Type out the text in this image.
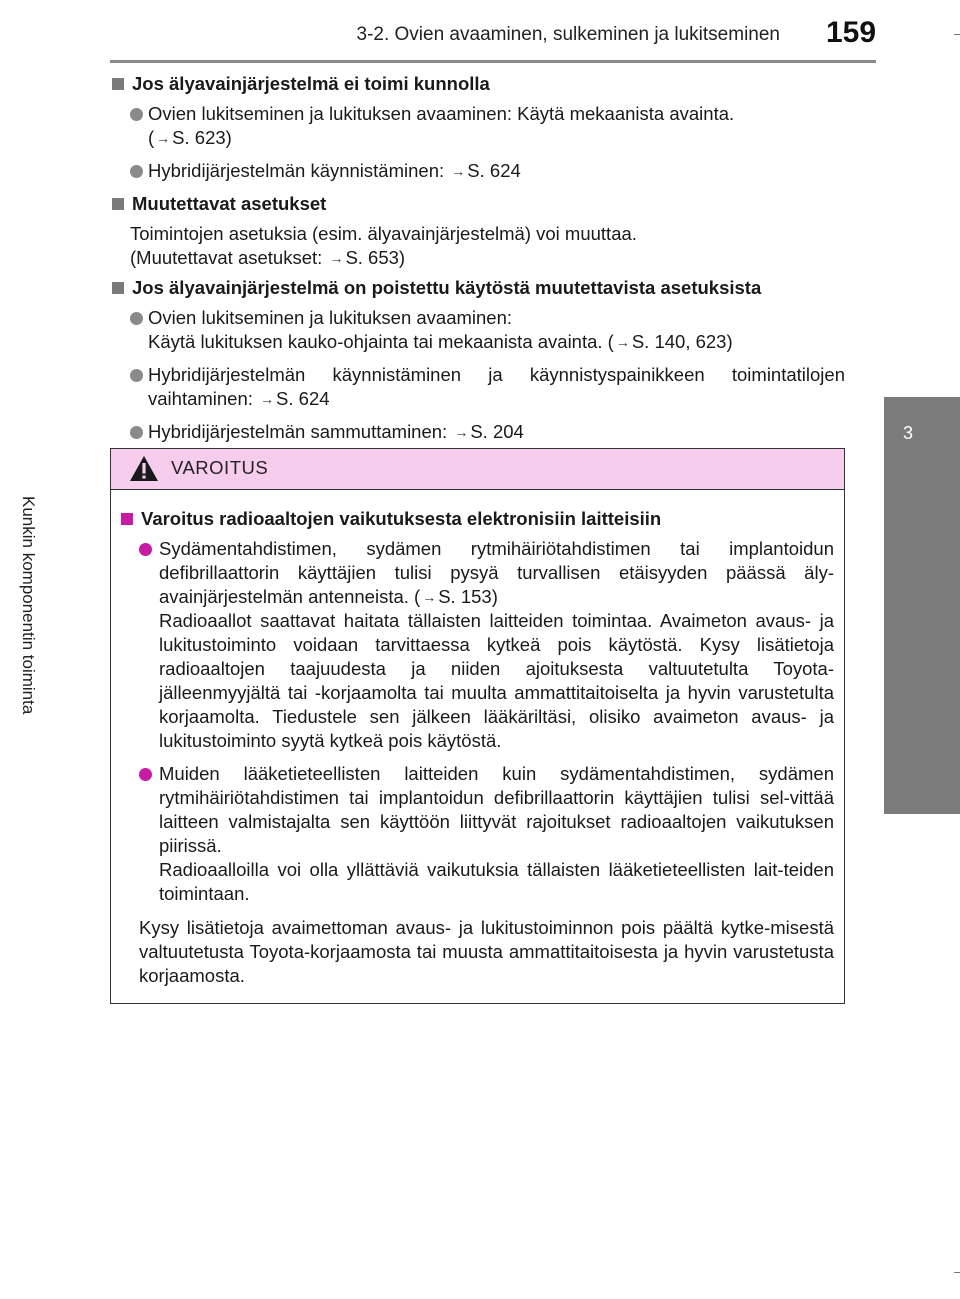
3-2. Ovien avaaminen, sulkeminen ja lukitseminen 159
3
Kunkin komponentin toiminta
Jos älyavainjärjestelmä ei toimi kunnolla
Ovien lukitseminen ja lukituksen avaaminen: Käytä mekaanista avainta.
( → S. 623)
Hybridijärjestelmän käynnistäminen: → S. 624
Muutettavat asetukset
Toimintojen asetuksia (esim. älyavainjärjestelmä) voi muuttaa.
(Muutettavat asetukset: → S. 653)
Jos älyavainjärjestelmä on poistettu käytöstä muutettavista asetuksista
Ovien lukitseminen ja lukituksen avaaminen:
Käytä lukituksen kauko-ohjainta tai mekaanista avainta. ( → S. 140, 623)
Hybridijärjestelmän käynnistäminen ja käynnistyspainikkeen toimintatilojen vaihtaminen: → S. 624
Hybridijärjestelmän sammuttaminen: → S. 204
VAROITUS
Varoitus radioaaltojen vaikutuksesta elektronisiin laitteisiin
Sydämentahdistimen, sydämen rytmihäiriötahdistimen tai implantoidun defibrillaattorin käyttäjien tulisi pysyä turvallisen etäisyyden päässä äly-avainjärjestelmän antenneista. ( → S. 153)
Radioaallot saattavat haitata tällaisten laitteiden toimintaa. Avaimeton avaus- ja lukitustoiminto voidaan tarvittaessa kytkeä pois käytöstä. Kysy lisätietoja radioaaltojen taajuudesta ja niiden ajoituksesta valtuutetulta Toyota-jälleenmyyjältä tai -korjaamolta tai muulta ammattitaitoiselta ja hyvin varustetulta korjaamolta. Tiedustele sen jälkeen lääkäriltäsi, olisiko avaimeton avaus- ja lukitustoiminto syytä kytkeä pois käytöstä.
Muiden lääketieteellisten laitteiden kuin sydämentahdistimen, sydämen rytmihäiriötahdistimen tai implantoidun defibrillaattorin käyttäjien tulisi sel-vittää laitteen valmistajalta sen käyttöön liittyvät rajoitukset radioaaltojen vaikutuksen piirissä.
Radioaalloilla voi olla yllättäviä vaikutuksia tällaisten lääketieteellisten lait-teiden toimintaan.
Kysy lisätietoja avaimettoman avaus- ja lukitustoiminnon pois päältä kytke-misestä valtuutetusta Toyota-korjaamosta tai muusta ammattitaitoisesta ja hyvin varustetusta korjaamosta.
